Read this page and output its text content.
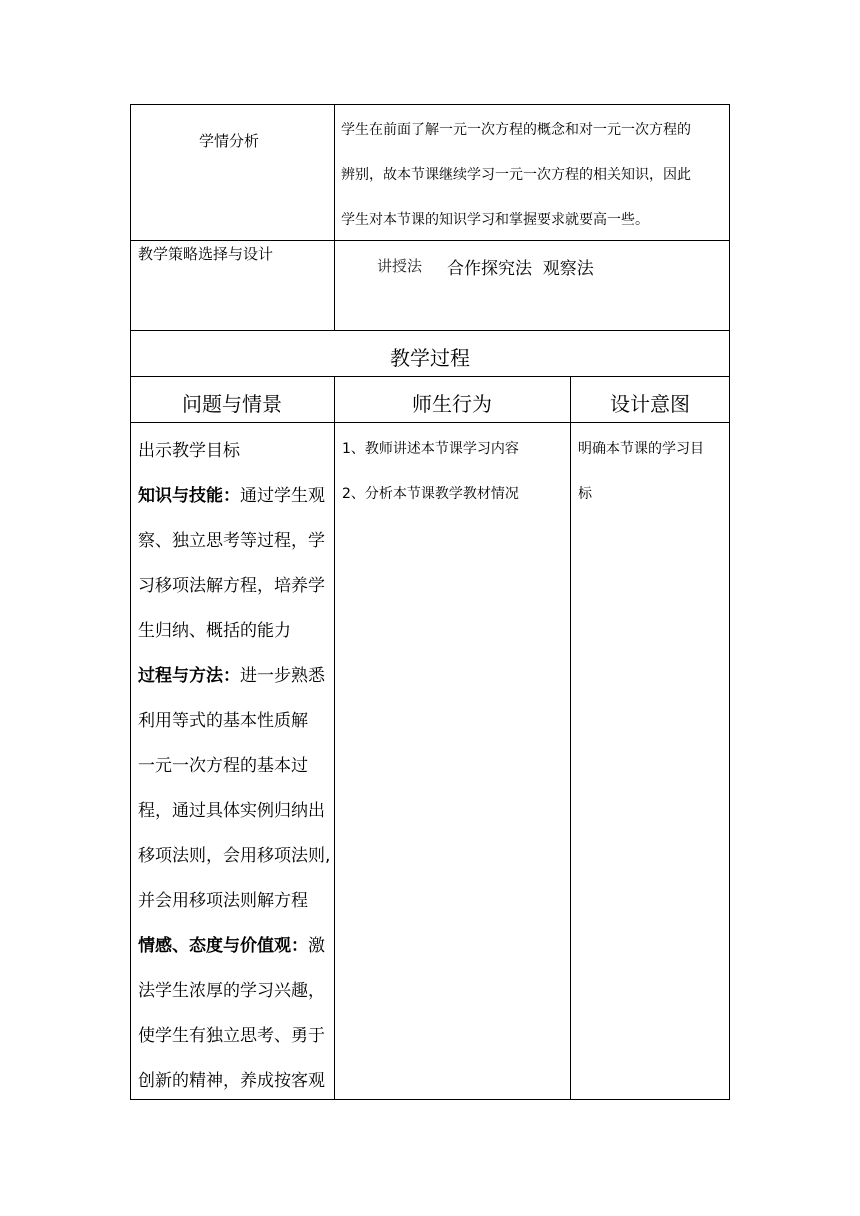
学情分析
学生在前面了解一元一次方程的概念和对一元一次方程的
辨别，故本节课继续学习一元一次方程的相关知识，因此
学生对本节课的知识学习和掌握要求就要高一些。
教学策略选择与设计
讲授法 合作探究法  观察法
教学过程
问题与情景	师生行为	设计意图
出示教学目标
知识与技能：通过学生观
察、独立思考等过程，学
习移项法解方程，培养学
生归纳、概括的能力
过程与方法：进一步熟悉
利用等式的基本性质解
一元一次方程的基本过
程，通过具体实例归纳出
移项法则，会用移项法则,
并会用移项法则解方程
情感、态度与价值观：激
法学生浓厚的学习兴趣，
使学生有独立思考、勇于
创新的精神，养成按客观
1、教师讲述本节课学习内容
2、分析本节课教学教材情况
明确本节课的学习目
标
